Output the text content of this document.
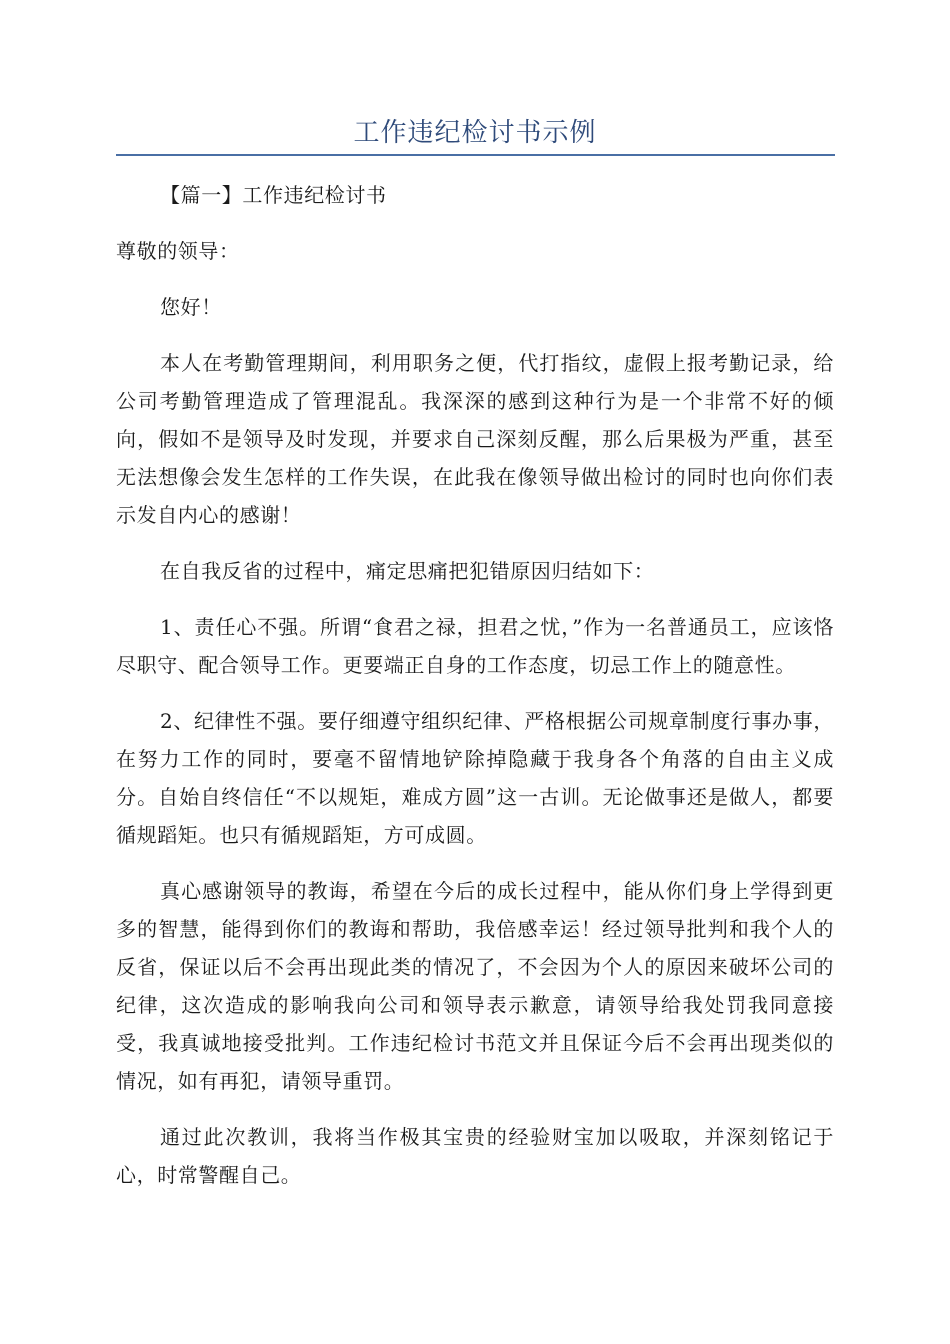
工作违纪检讨书示例

【篇一】工作违纪检讨书

尊敬的领导：

您好！

本人在考勤管理期间，利用职务之便，代打指纹，虚假上报考勤记录，给公司考勤管理造成了管理混乱。我深深的感到这种行为是一个非常不好的倾向，假如不是领导及时发现，并要求自己深刻反醒，那么后果极为严重，甚至无法想像会发生怎样的工作失误，在此我在像领导做出检讨的同时也向你们表示发自内心的感谢！

在自我反省的过程中，痛定思痛把犯错原因归结如下：

1、责任心不强。所谓“食君之禄，担君之忧，”作为一名普通员工，应该恪尽职守、配合领导工作。更要端正自身的工作态度，切忌工作上的随意性。

2、纪律性不强。要仔细遵守组织纪律、严格根据公司规章制度行事办事，在努力工作的同时，要毫不留情地铲除掉隐藏于我身各个角落的自由主义成分。自始自终信任“不以规矩，难成方圆”这一古训。无论做事还是做人，都要循规蹈矩。也只有循规蹈矩，方可成圆。

真心感谢领导的教诲，希望在今后的成长过程中，能从你们身上学得到更多的智慧，能得到你们的教诲和帮助，我倍感幸运！经过领导批判和我个人的反省，保证以后不会再出现此类的情况了，不会因为个人的原因来破坏公司的纪律，这次造成的影响我向公司和领导表示歉意，请领导给我处罚我同意接受，我真诚地接受批判。工作违纪检讨书范文并且保证今后不会再出现类似的情况，如有再犯，请领导重罚。

通过此次教训，我将当作极其宝贵的经验财宝加以吸取，并深刻铭记于心，时常警醒自己。
